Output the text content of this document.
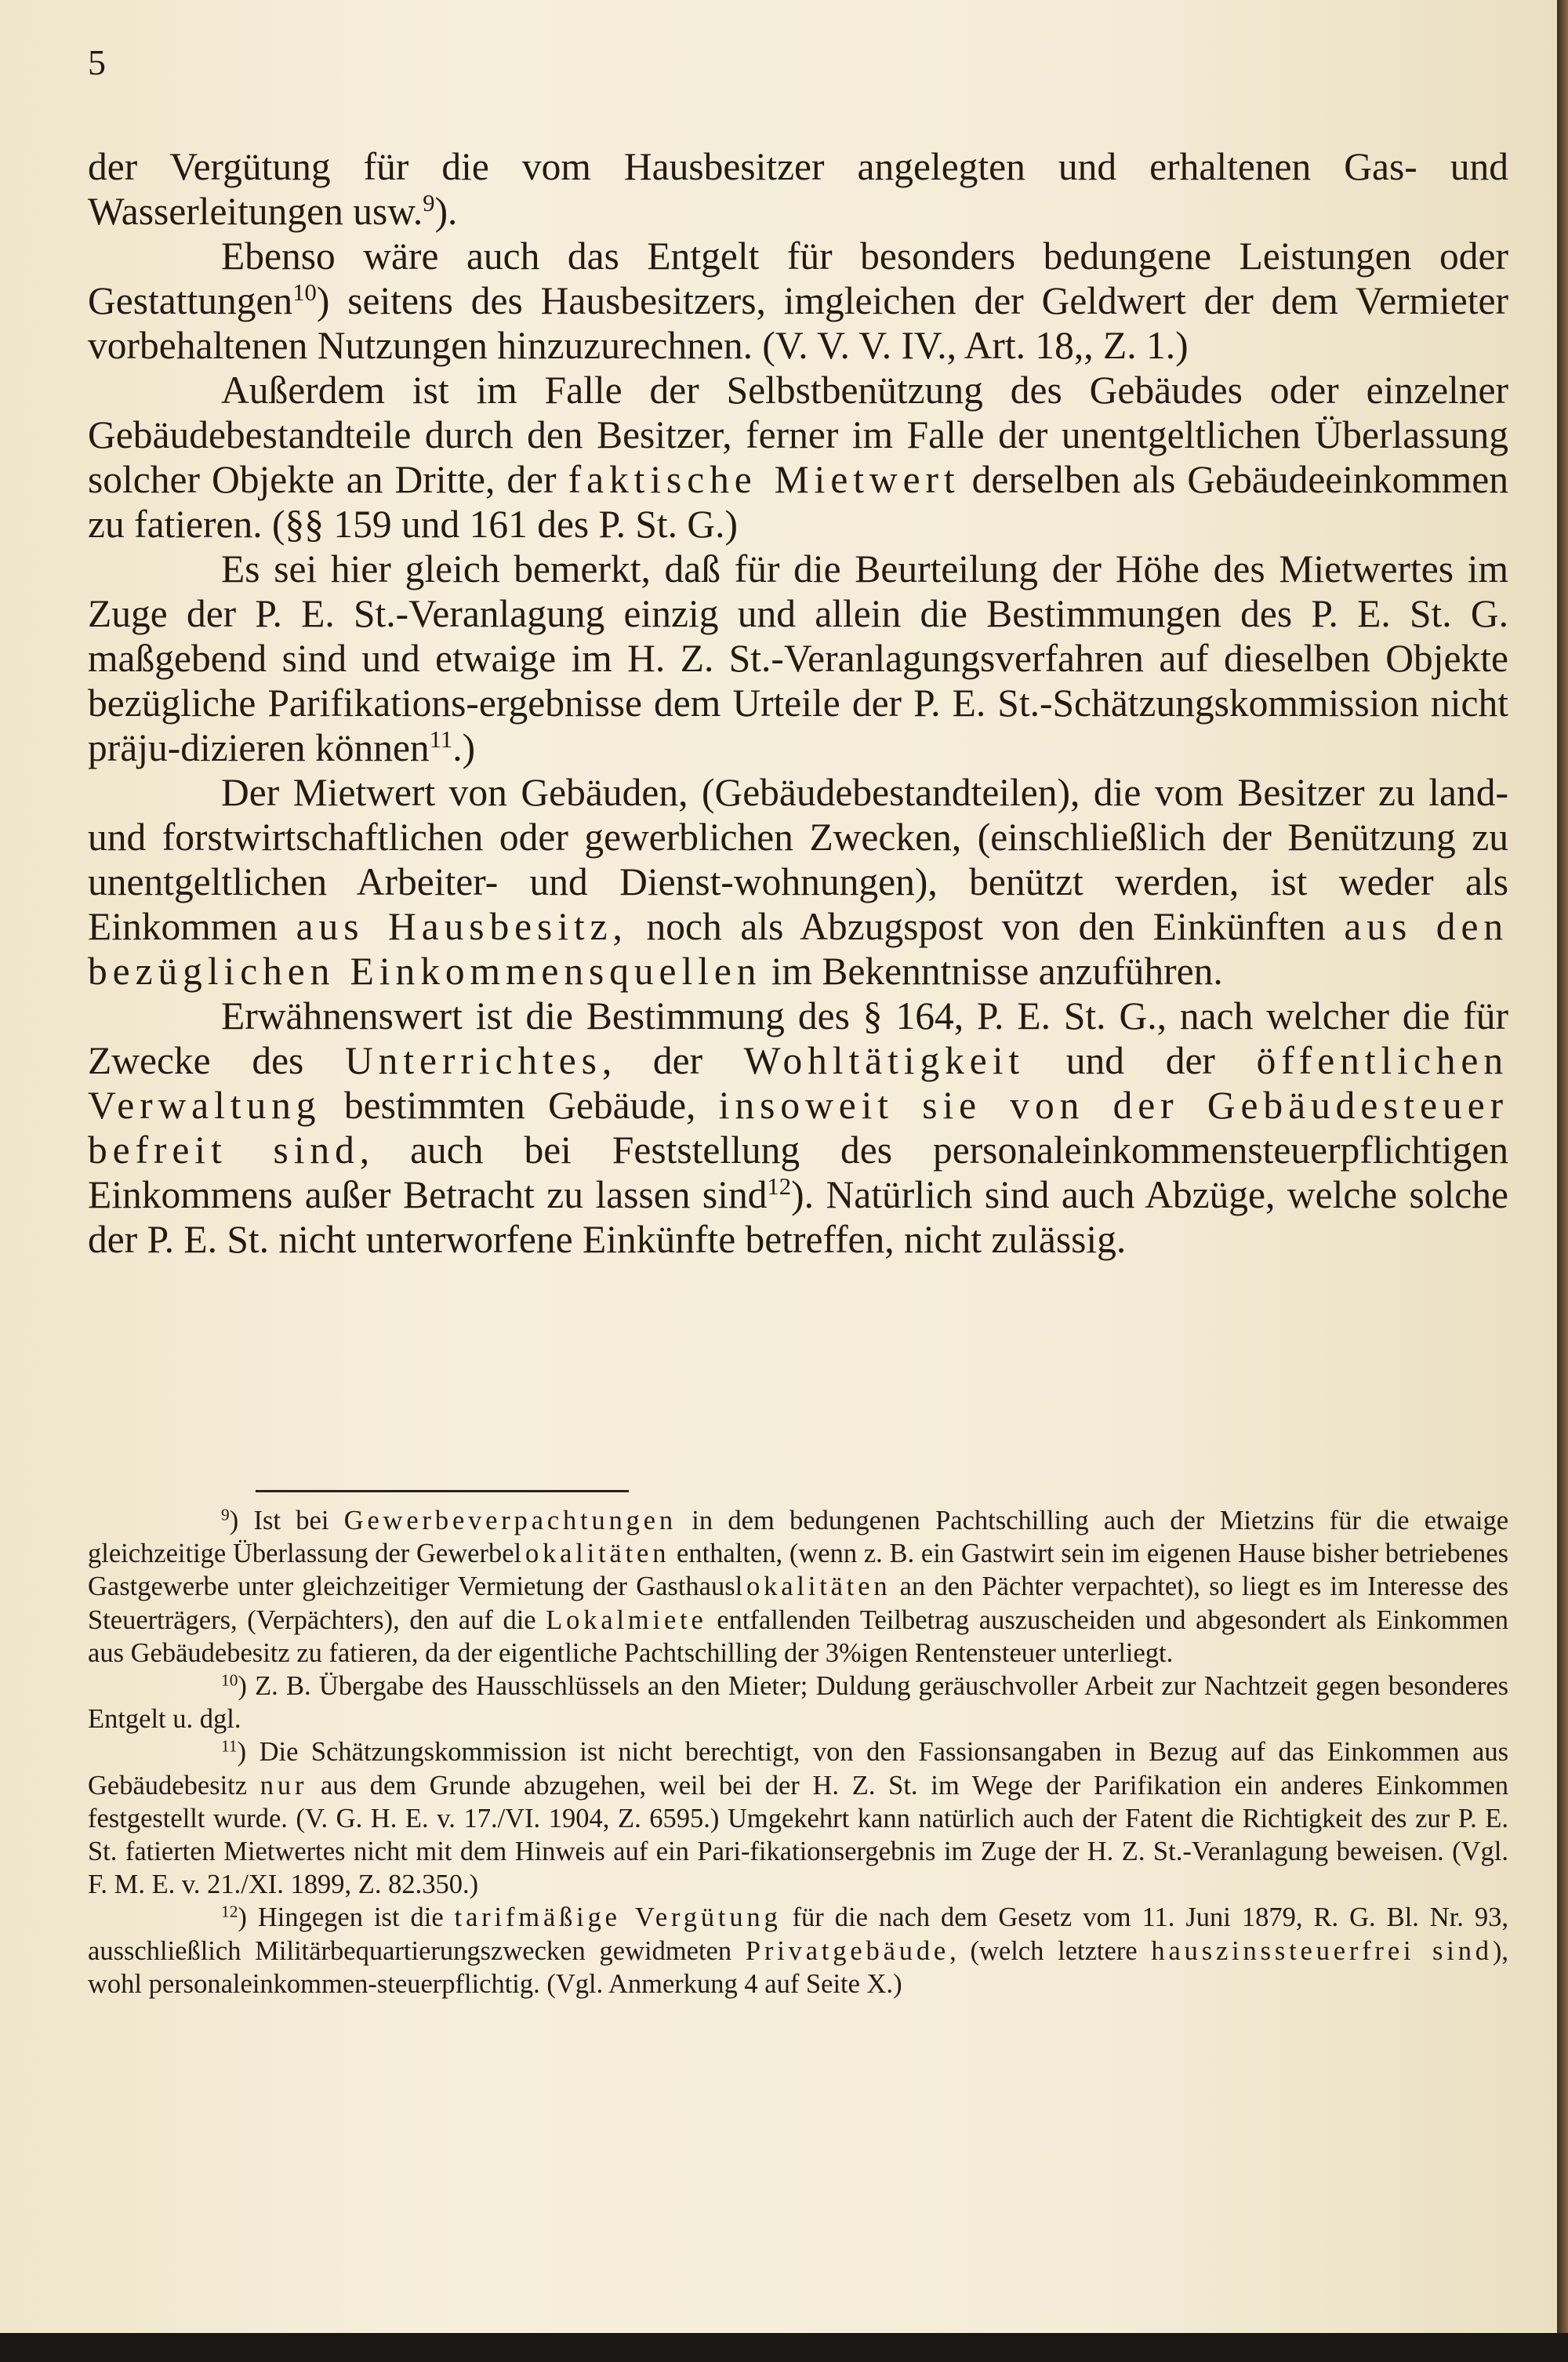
5

der Vergütung für die vom Hausbesitzer angelegten und erhaltenen Gas- und Wasserleitungen usw.$^9$).

Ebenso wäre auch das Entgelt für besonders bedungene Leistungen oder Gestattungen$^{10}$) seitens des Hausbesitzers, imgleichen der Geldwert der dem Vermieter vorbehaltenen Nutzungen hinzuzurechnen. (V. V. V. IV., Art. 18,, Z. 1.)

Außerdem ist im Falle der Selbstbenützung des Gebäudes oder einzelner Gebäudebestandteile durch den Besitzer, ferner im Falle der unentgeltlichen Überlassung solcher Objekte an Dritte, der faktische Mietwert derselben als Gebäudeeinkommen zu fatieren. (§§ 159 und 161 des P. St. G.)

Es sei hier gleich bemerkt, daß für die Beurteilung der Höhe des Mietwertes im Zuge der P. E. St.-Veranlagung einzig und allein die Bestimmungen des P. E. St. G. maßgebend sind und etwaige im H. Z. St.-Veranlagungsverfahren auf dieselben Objekte bezügliche Parifikations-ergebnisse dem Urteile der P. E. St.-Schätzungskommission nicht präju-dizieren können$^{11}$.)

Der Mietwert von Gebäuden, (Gebäudebestandteilen), die vom Besitzer zu land- und forstwirtschaftlichen oder gewerblichen Zwecken, (einschließlich der Benützung zu unentgeltlichen Arbeiter- und Dienst-wohnungen), benützt werden, ist weder als Einkommen aus Hausbesitz, noch als Abzugspost von den Einkünften aus den bezüglichen Einkommensquellen im Bekenntnisse anzuführen.

Erwähnenswert ist die Bestimmung des § 164, P. E. St. G., nach welcher die für Zwecke des Unterrichtes, der Wohltätigkeit und der öffentlichen Verwaltung bestimmten Gebäude, insoweit sie von der Gebäudesteuer befreit sind, auch bei Feststellung des personaleinkommensteuerpflichtigen Einkommens außer Betracht zu lassen sind$^{12}$). Natürlich sind auch Abzüge, welche solche der P. E. St. nicht unterworfene Einkünfte betreffen, nicht zulässig.

$^9$) Ist bei Gewerbeverpachtungen in dem bedungenen Pachtschilling auch der Mietzins für die etwaige gleichzeitige Überlassung der Gewerbelokalitäten enthalten, (wenn z. B. ein Gastwirt sein im eigenen Hause bisher betriebenes Gastgewerbe unter gleichzeitiger Vermietung der Gasthauslokalitäten an den Pächter verpachtet), so liegt es im Interesse des Steuerträgers, (Verpächters), den auf die Lokalmiete entfallenden Teilbetrag auszuscheiden und abgesondert als Einkommen aus Gebäudebesitz zu fatieren, da der eigentliche Pachtschilling der 3%igen Rentensteuer unterliegt.

$^{10}$) Z. B. Übergabe des Hausschlüssels an den Mieter; Duldung geräuschvoller Arbeit zur Nachtzeit gegen besonderes Entgelt u. dgl.

$^{11}$) Die Schätzungskommission ist nicht berechtigt, von den Fassionsangaben in Bezug auf das Einkommen aus Gebäudebesitz nur aus dem Grunde abzugehen, weil bei der H. Z. St. im Wege der Parifikation ein anderes Einkommen festgestellt wurde. (V. G. H. E. v. 17./VI. 1904, Z. 6595.) Umgekehrt kann natürlich auch der Fatent die Richtigkeit des zur P. E. St. fatierten Mietwertes nicht mit dem Hinweis auf ein Pari-fikationsergebnis im Zuge der H. Z. St.-Veranlagung beweisen. (Vgl. F. M. E. v. 21./XI. 1899, Z. 82.350.)

$^{12}$) Hingegen ist die tarifmäßige Vergütung für die nach dem Gesetz vom 11. Juni 1879, R. G. Bl. Nr. 93, ausschließlich Militärbequartierungszwecken gewidmeten Privatgebäude, (welch letztere hauszinssteuerfrei sind), wohl personaleinkommen-steuerpflichtig. (Vgl. Anmerkung 4 auf Seite X.)
